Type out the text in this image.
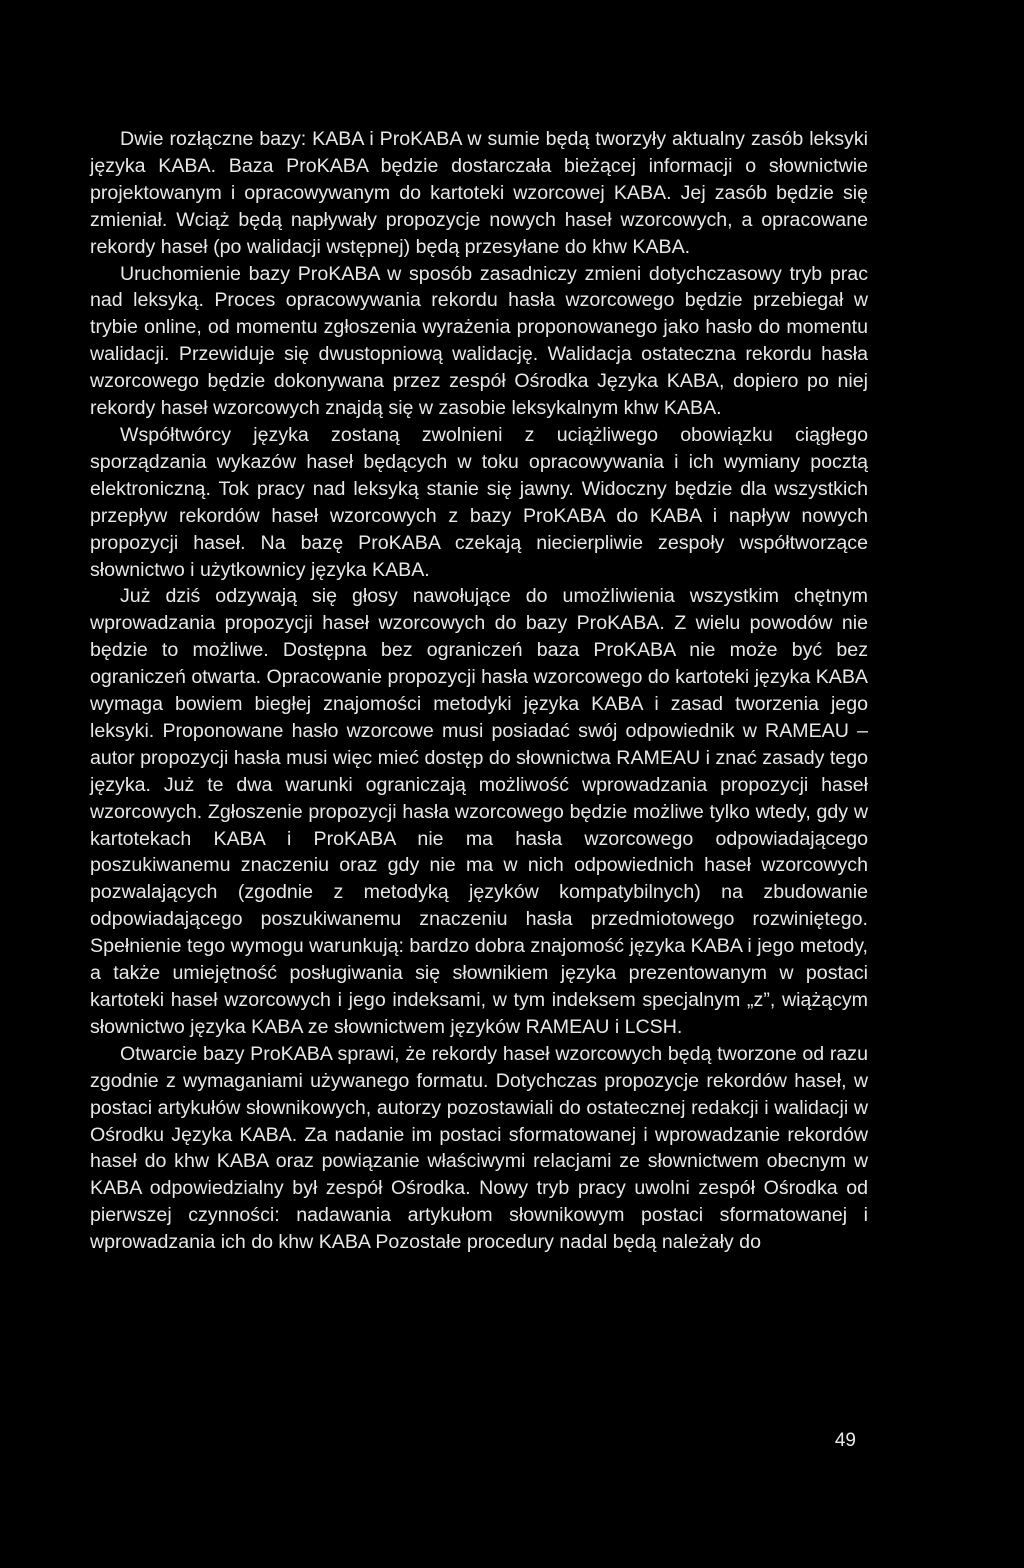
Dwie rozłączne bazy: KABA i ProKABA w sumie będą tworzyły aktualny zasób leksyki języka KABA. Baza ProKABA będzie dostarczała bieżącej informacji o słownictwie projektowanym i opracowywanym do kartoteki wzorcowej KABA. Jej zasób będzie się zmieniał. Wciąż będą napływały propozycje nowych haseł wzorcowych, a opracowane rekordy haseł (po walidacji wstępnej) będą przesyłane do khw KABA.

Uruchomienie bazy ProKABA w sposób zasadniczy zmieni dotychczasowy tryb prac nad leksyką. Proces opracowywania rekordu hasła wzorcowego będzie przebiegał w trybie online, od momentu zgłoszenia wyrażenia proponowanego jako hasło do momentu walidacji. Przewiduje się dwustopniową walidację. Walidacja ostateczna rekordu hasła wzorcowego będzie dokonywana przez zespół Ośrodka Języka KABA, dopiero po niej rekordy haseł wzorcowych znajdą się w zasobie leksykalnym khw KABA.

Współtwórcy języka zostaną zwolnieni z uciążliwego obowiązku ciągłego sporządzania wykazów haseł będących w toku opracowywania i ich wymiany pocztą elektroniczną. Tok pracy nad leksyką stanie się jawny. Widoczny będzie dla wszystkich przepływ rekordów haseł wzorcowych z bazy ProKABA do KABA i napływ nowych propozycji haseł. Na bazę ProKABA czekają niecierpliwie zespoły współtworzące słownictwo i użytkownicy języka KABA.

Już dziś odzywają się głosy nawołujące do umożliwienia wszystkim chętnym wprowadzania propozycji haseł wzorcowych do bazy ProKABA. Z wielu powodów nie będzie to możliwe. Dostępna bez ograniczeń baza ProKABA nie może być bez ograniczeń otwarta. Opracowanie propozycji hasła wzorcowego do kartoteki języka KABA wymaga bowiem biegłej znajomości metodyki języka KABA i zasad tworzenia jego leksyki. Proponowane hasło wzorcowe musi posiadać swój odpowiednik w RAMEAU – autor propozycji hasła musi więc mieć dostęp do słownictwa RAMEAU i znać zasady tego języka. Już te dwa warunki ograniczają możliwość wprowadzania propozycji haseł wzorcowych. Zgłoszenie propozycji hasła wzorcowego będzie możliwe tylko wtedy, gdy w kartotekach KABA i ProKABA nie ma hasła wzorcowego odpowiadającego poszukiwanemu znaczeniu oraz gdy nie ma w nich odpowiednich haseł wzorcowych pozwalających (zgodnie z metodyką języków kompatybilnych) na zbudowanie odpowiadającego poszukiwanemu znaczeniu hasła przedmiotowego rozwiniętego. Spełnienie tego wymogu warunkują: bardzo dobra znajomość języka KABA i jego metody, a także umiejętność posługiwania się słownikiem języka prezentowanym w postaci kartoteki haseł wzorcowych i jego indeksami, w tym indeksem specjalnym „z”, wiążącym słownictwo języka KABA ze słownictwem języków RAMEAU i LCSH.

Otwarcie bazy ProKABA sprawi, że rekordy haseł wzorcowych będą tworzone od razu zgodnie z wymaganiami używanego formatu. Dotychczas propozycje rekordów haseł, w postaci artykułów słownikowych, autorzy pozostawiali do ostatecznej redakcji i walidacji w Ośrodku Języka KABA. Za nadanie im postaci sformatowanej i wprowadzanie rekordów haseł do khw KABA oraz powiązanie właściwymi relacjami ze słownictwem obecnym w KABA odpowiedzialny był zespół Ośrodka. Nowy tryb pracy uwolni zespół Ośrodka od pierwszej czynności: nadawania artykułom słownikowym postaci sformatowanej i wprowadzania ich do khw KABA Pozostałe procedury nadal będą należały do

49
